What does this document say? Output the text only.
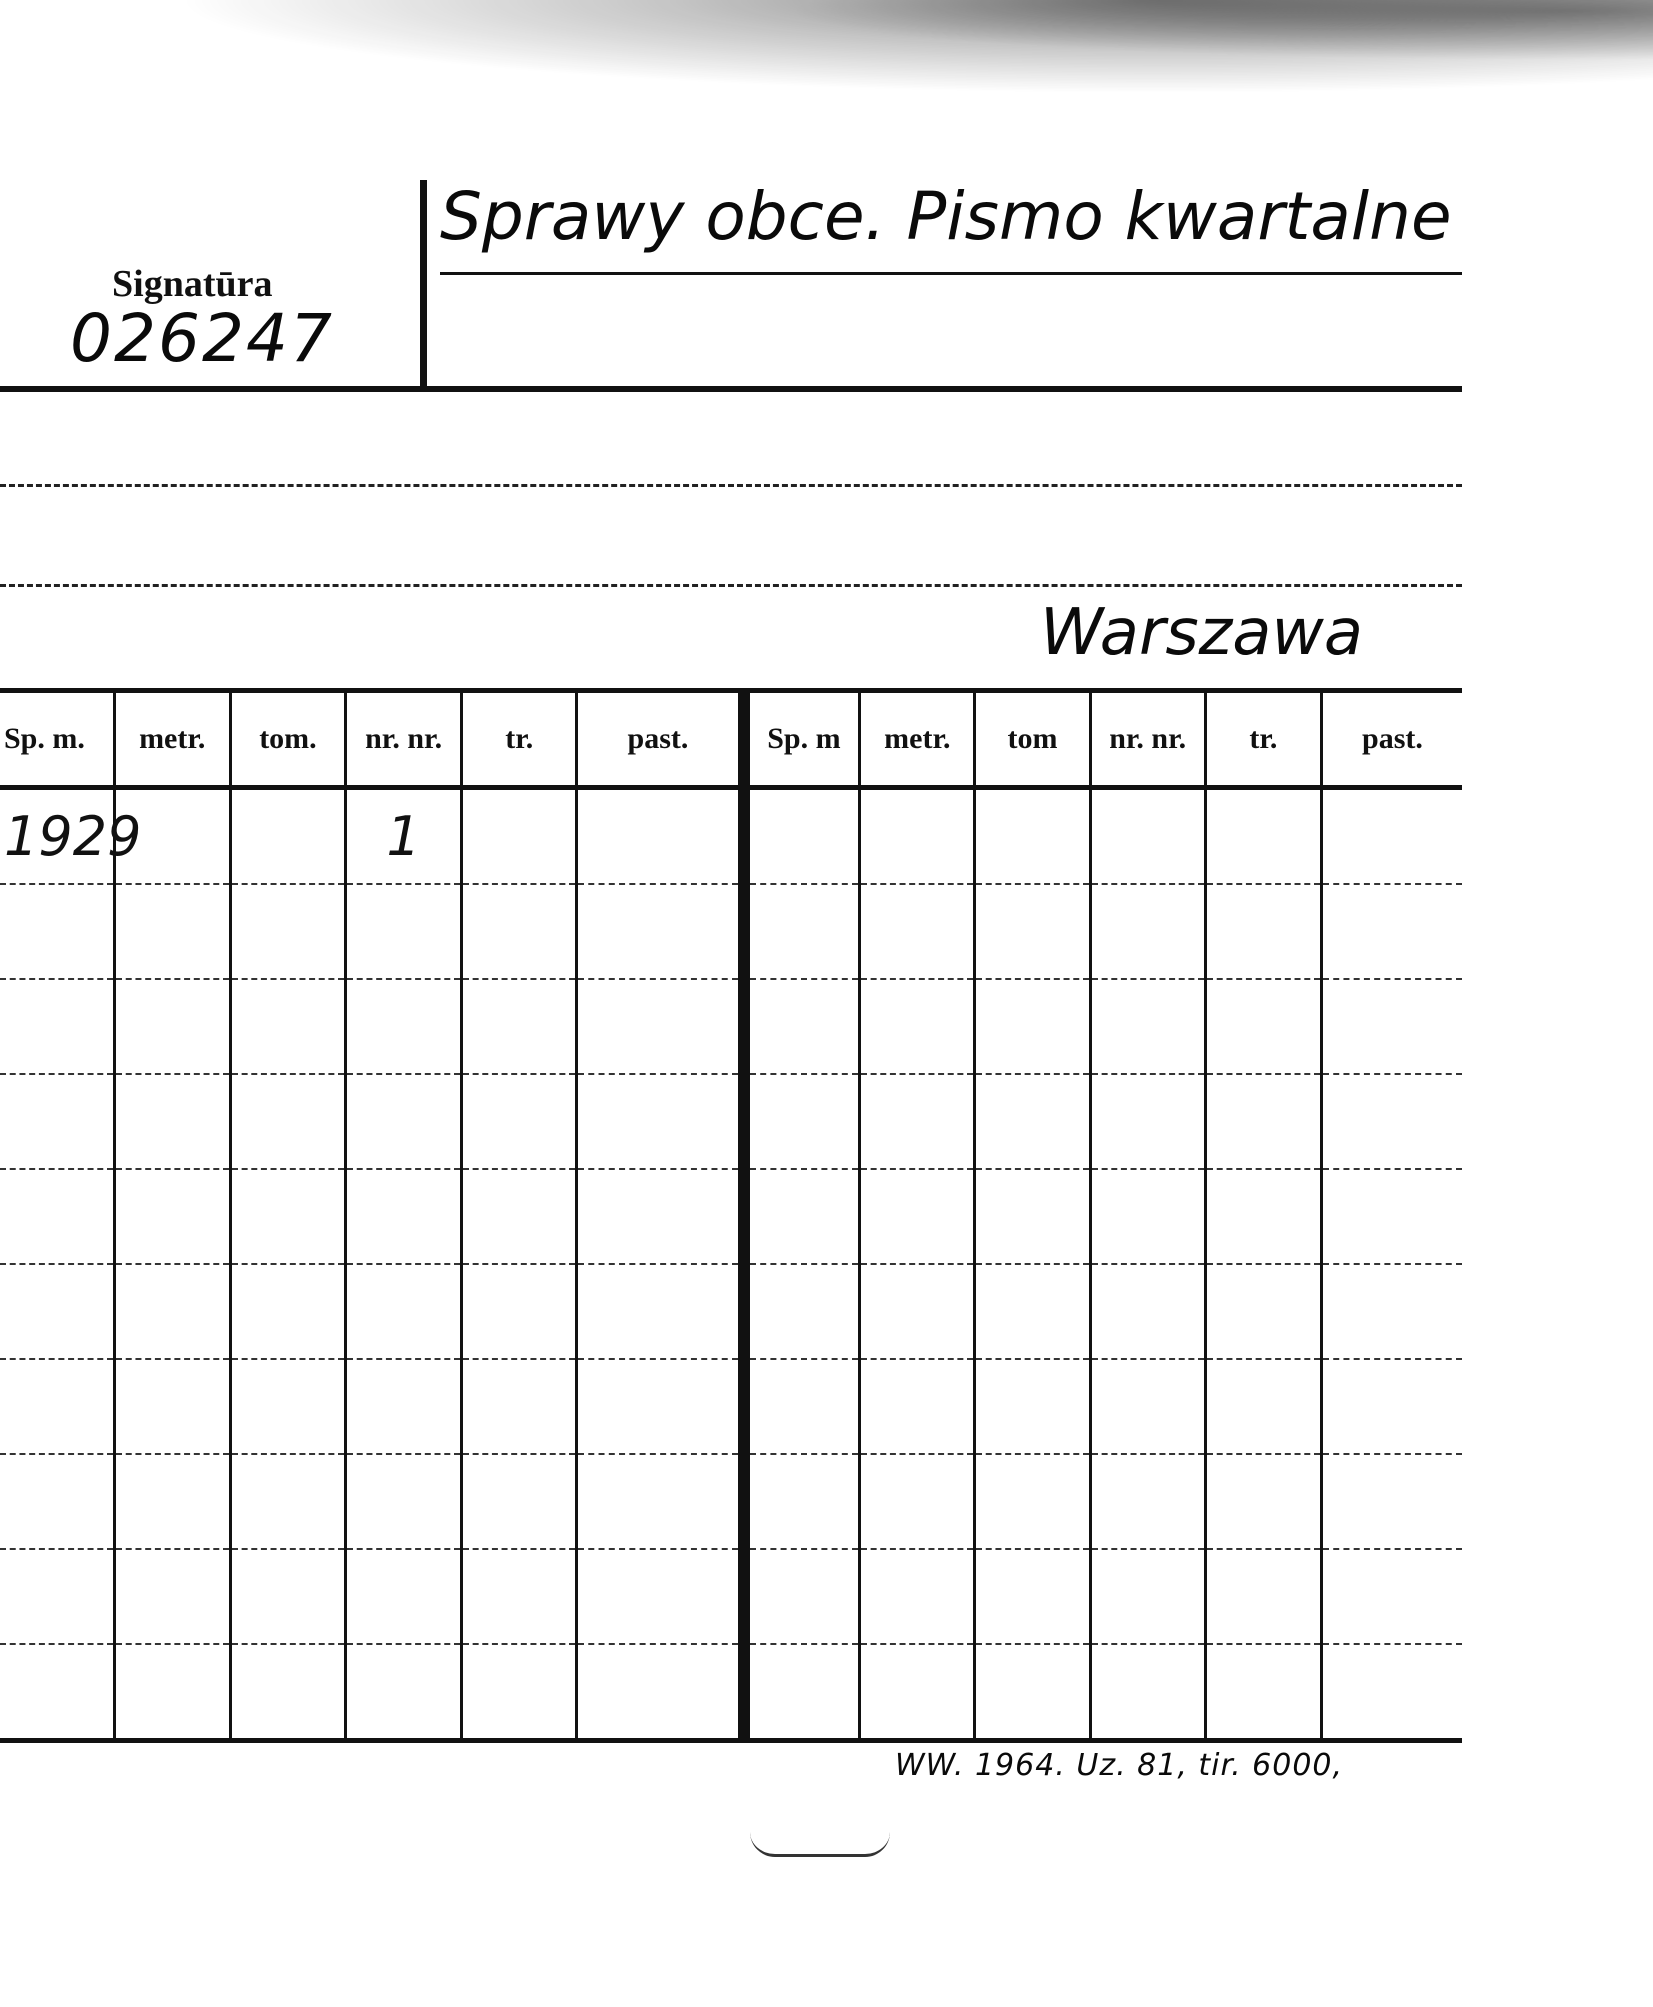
Signatūra
026247
Sprawy obce. Pismo kwartalne
Warszawa
Sp. m.	metr.	tom.	nr. nr.	tr.	past.	Sp. m	metr.	tom	nr. nr.	tr.	past.
1929			1								

WW. 1964. Uz. 81, tir. 6000,
